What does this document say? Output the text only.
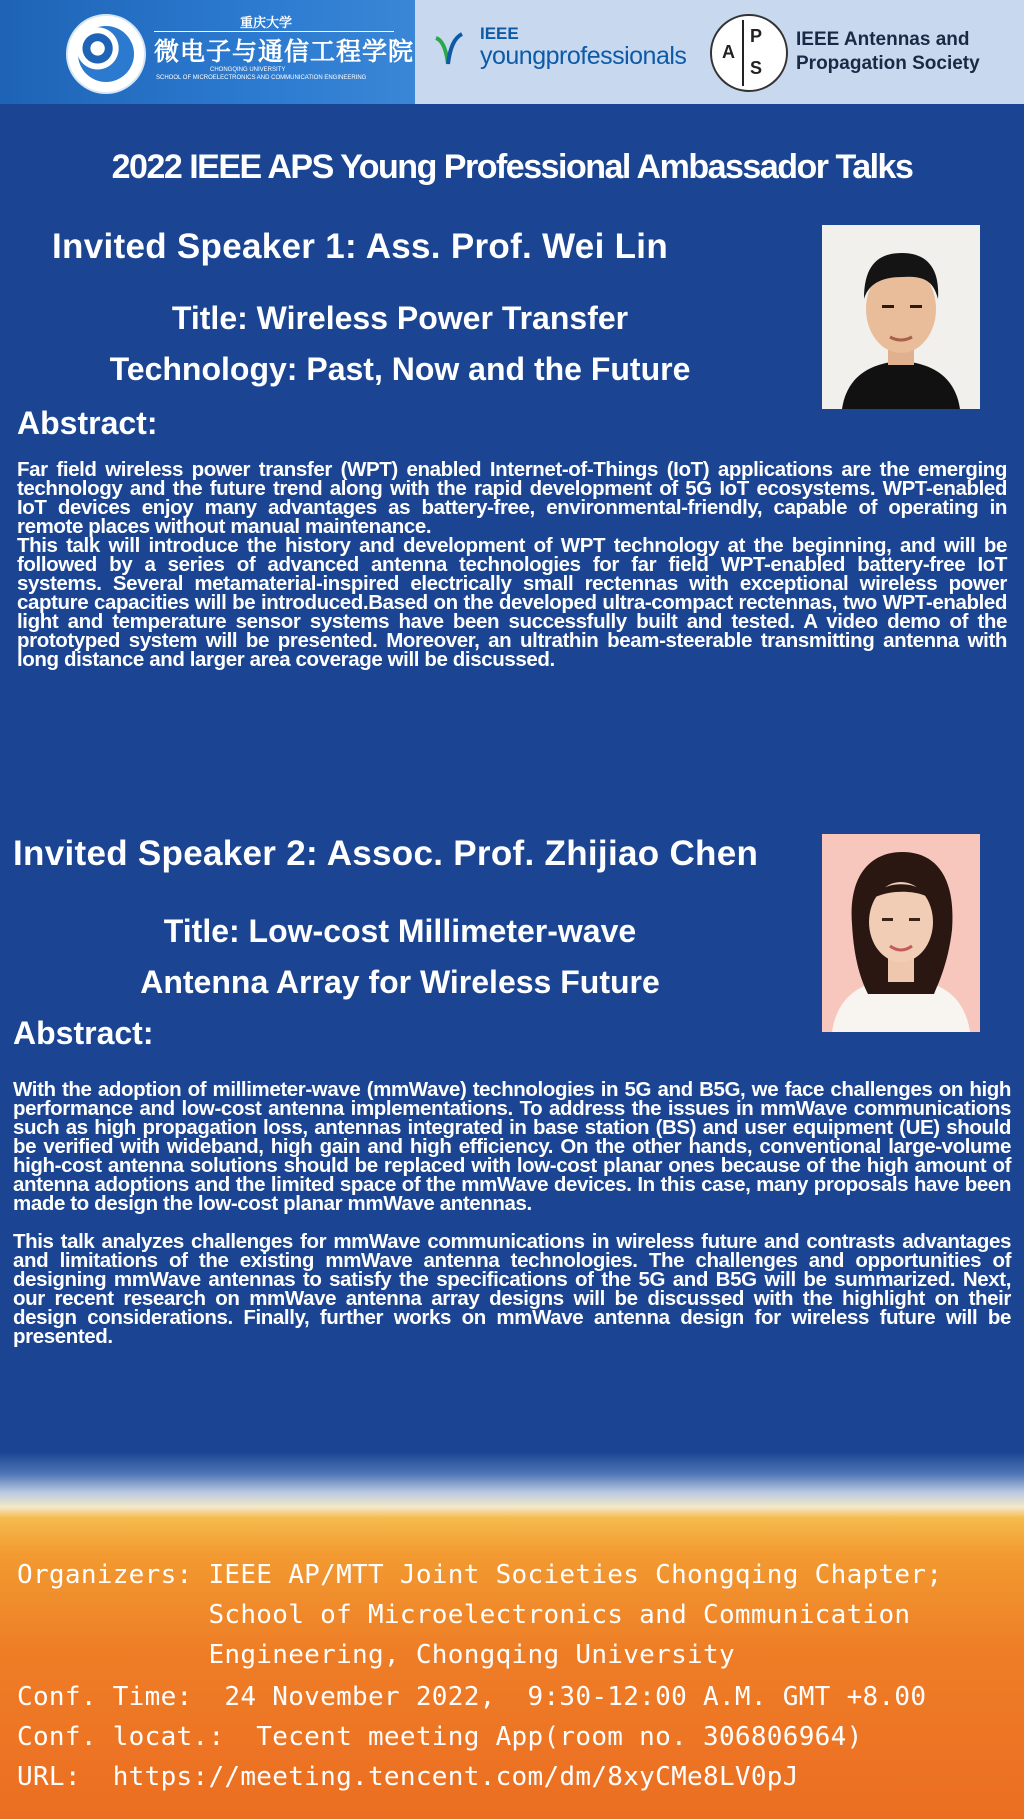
重庆大学
微电子与通信工程学院
CHONGQING UNIVERSITY
SCHOOL OF MICROELECTRONICS AND COMMUNICATION ENGINEERING
IEEE
youngprofessionals A
P
S
IEEE Antennas and
Propagation Society
2022 IEEE APS Young Professional Ambassador Talks
Invited Speaker 1: Ass. Prof. Wei Lin
Title: Wireless Power Transfer
Technology: Past, Now and the Future
Abstract:

Far field wireless power transfer (WPT) enabled Internet-of-Things (IoT) applications are the emerging technology and the future trend along with the rapid development of 5G IoT ecosystems. WPT-enabled IoT devices enjoy many advantages as battery-free, environmental-friendly, capable of operating in remote places without manual maintenance.

This talk will introduce the history and development of WPT technology at the beginning, and will be followed by a series of advanced antenna technologies for far field WPT-enabled battery-free IoT systems. Several metamaterial-inspired electrically small rectennas with exceptional wireless power capture capacities will be introduced.Based on the developed ultra-compact rectennas, two WPT-enabled light and temperature sensor systems have been successfully built and tested. A video demo of the prototyped system will be presented. Moreover, an ultrathin beam-steerable transmitting antenna with long distance and larger area coverage will be discussed.

Invited Speaker 2: Assoc. Prof. Zhijiao Chen
Title: Low-cost Millimeter-wave
Antenna Array for Wireless Future
Abstract:

With the adoption of millimeter-wave (mmWave) technologies in 5G and B5G, we face challenges on high performance and low-cost antenna implementations. To address the issues in mmWave communications such as high propagation loss, antennas integrated in base station (BS) and user equipment (UE) should be verified with wideband, high gain and high efficiency. On the other hands, conventional large-volume high-cost antenna solutions should be replaced with low-cost planar ones because of the high amount of antenna adoptions and the limited space of the mmWave devices. In this case, many proposals have been made to design the low-cost planar mmWave antennas.

This talk analyzes challenges for mmWave communications in wireless future and contrasts advantages and limitations of the existing mmWave antenna technologies. The challenges and opportunities of designing mmWave antennas to satisfy the specifications of the 5G and B5G will be summarized. Next, our recent research on mmWave antenna array designs will be discussed with the highlight on their design considerations. Finally, further works on mmWave antenna design for wireless future will be presented.

Organizers: IEEE AP/MTT Joint Societies Chongqing Chapter;
School of Microelectronics and Communication
Engineering, Chongqing University
Conf. Time:  24 November 2022,  9:30-12:00 A.M. GMT +8.00
Conf. locat.:  Tecent meeting App(room no. 306806964)
URL:  https://meeting.tencent.com/dm/8xyCMe8LV0pJ
